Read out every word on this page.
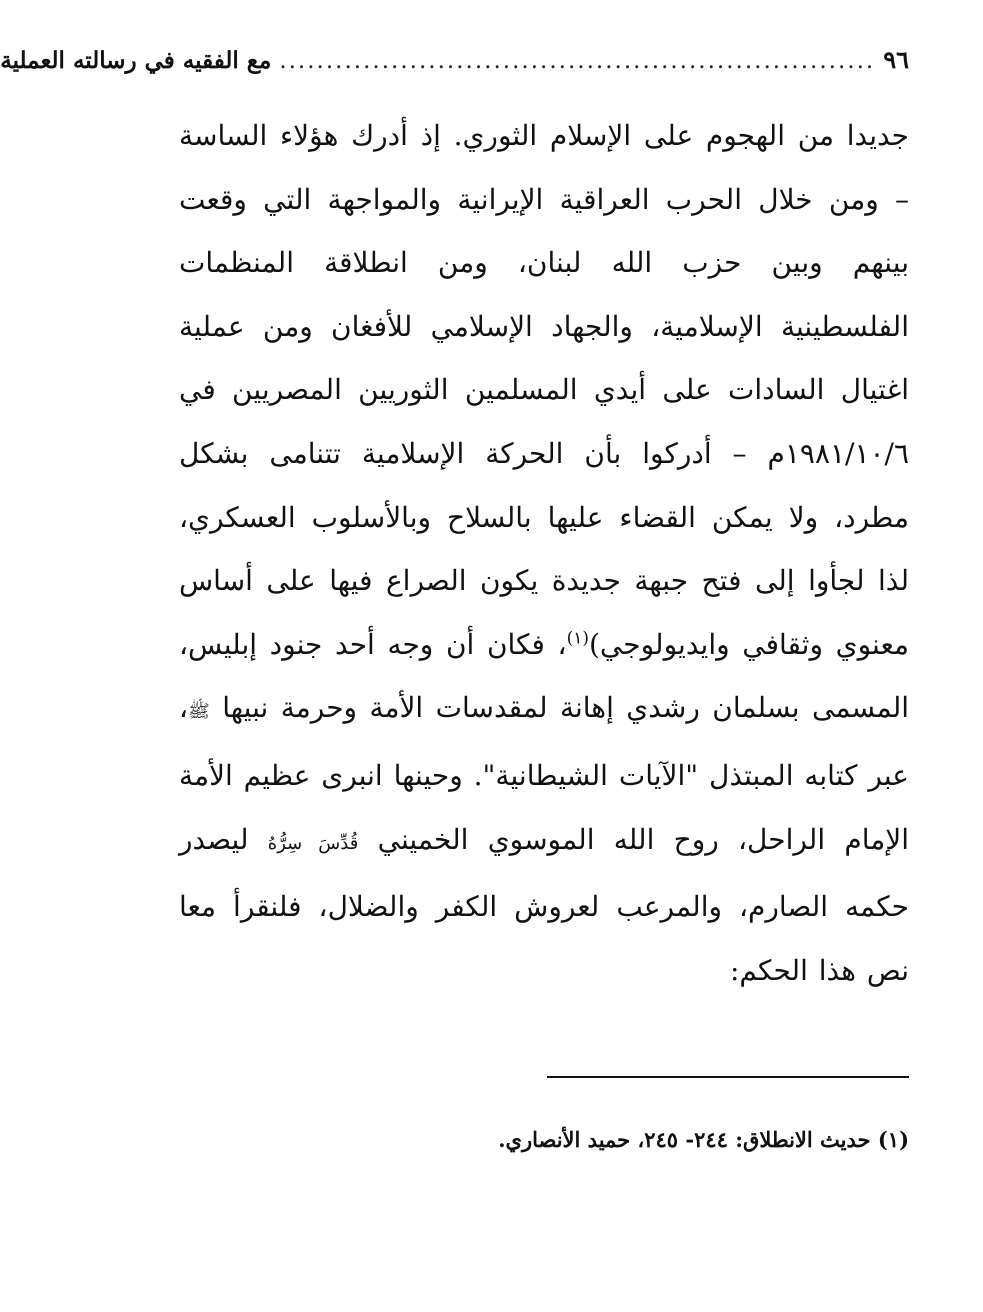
٩٦
................................................................
مع الفقيه في رسالته العملية

جديدا من الهجوم على الإسلام الثوري. إذ أدرك هؤلاء الساسة – ومن خلال الحرب العراقية الإيرانية والمواجهة التي وقعت بينهم وبين حزب الله لبنان، ومن انطلاقة المنظمات الفلسطينية الإسلامية، والجهاد الإسلامي للأفغان ومن عملية اغتيال السادات على أيدي المسلمين الثوريين المصريين في ١٩٨١/١٠/٦م – أدركوا بأن الحركة الإسلامية تتنامى بشكل مطرد، ولا يمكن القضاء عليها بالسلاح وبالأسلوب العسكري، لذا لجأوا إلى فتح جبهة جديدة يكون الصراع فيها على أساس معنوي وثقافي وايديولوجي)$^{(١)}$، فكان أن وجه أحد جنود إبليس، المسمى بسلمان رشدي إهانة لمقدسات الأمة وحرمة نبيها ﷺ، عبر كتابه المبتذل "الآيات الشيطانية". وحينها انبرى عظيم الأمة الإمام الراحل، روح الله الموسوي الخميني قُدِّسَ سِرُّهُ ليصدر حكمه الصارم، والمرعب لعروش الكفر والضلال، فلنقرأ معا نص هذا الحكم:

(١) حديث الانطلاق: ٢٤٤- ٢٤٥، حميد الأنصاري.
